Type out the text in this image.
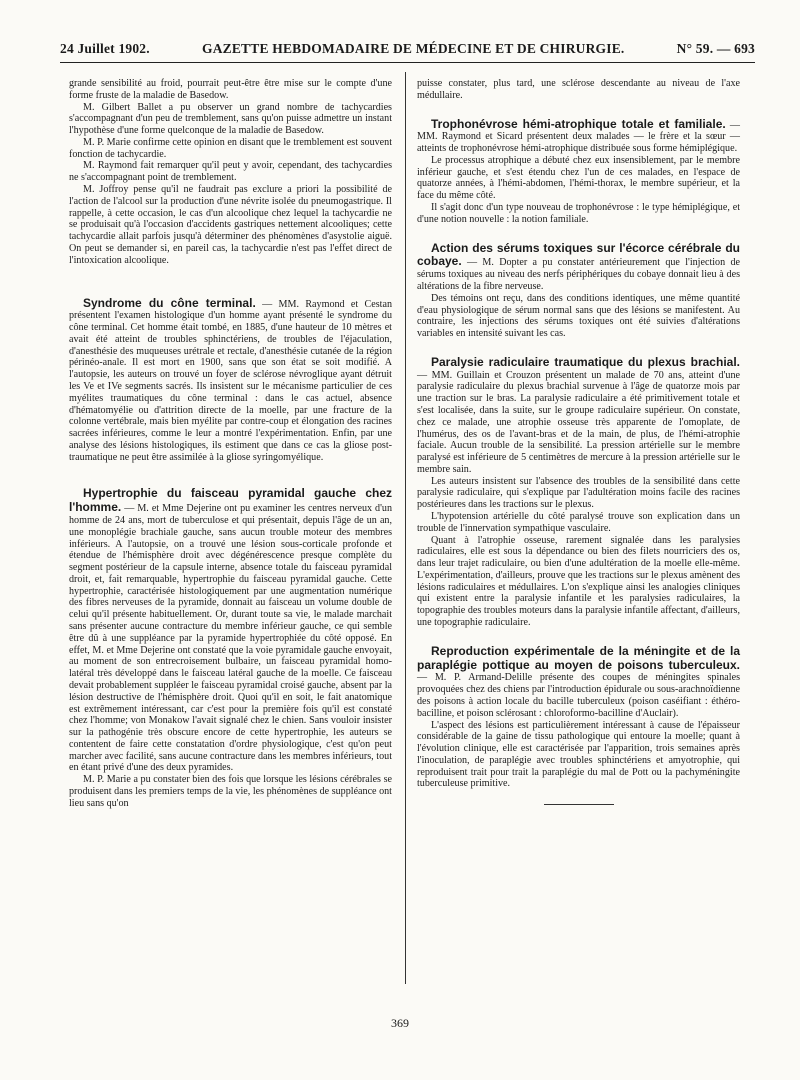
24 Juillet 1902.	GAZETTE HEBDOMADAIRE DE MÉDECINE ET DE CHIRURGIE.	N° 59. — 693

grande sensibilité au froid, pourrait peut-être être mise sur le compte d'une forme fruste de la maladie de Basedow.

M. Gilbert Ballet a pu observer un grand nombre de tachycardies s'accompagnant d'un peu de tremblement, sans qu'on puisse admettre un instant l'hypothèse d'une forme quelconque de la maladie de Basedow.

M. P. Marie confirme cette opinion en disant que le tremblement est souvent fonction de tachycardie.

M. Raymond fait remarquer qu'il peut y avoir, cependant, des tachycardies ne s'accompagnant point de tremblement.

M. Joffroy pense qu'il ne faudrait pas exclure a priori la possibilité de l'action de l'alcool sur la production d'une névrite isolée du pneumogastrique. Il rappelle, à cette occasion, le cas d'un alcoolique chez lequel la tachycardie ne se produisait qu'à l'occasion d'accidents gastriques nettement alcooliques; cette tachycardie allait parfois jusqu'à déterminer des phénomènes d'asystolie aiguë. On peut se demander si, en pareil cas, la tachycardie n'est pas l'effet direct de l'intoxication alcoolique.

Syndrome du cône terminal. — MM. Raymond et Cestan présentent l'examen histologique d'un homme ayant présenté le syndrome du cône terminal. Cet homme était tombé, en 1885, d'une hauteur de 10 mètres et avait été atteint de troubles sphinctériens, de troubles de l'éjaculation, d'anesthésie des muqueuses urétrale et rectale, d'anesthésie cutanée de la région périnéo-anale. Il est mort en 1900, sans que son état se soit modifié. A l'autopsie, les auteurs on trouvé un foyer de sclérose névroglique ayant détruit les Ve et IVe segments sacrés. Ils insistent sur le mécanisme particulier de ces myélites traumatiques du cône terminal : dans le cas actuel, absence d'hématomyélie ou d'attrition directe de la moelle, par une fracture de la colonne vertébrale, mais bien myélite par contre-coup et élongation des racines sacrées inférieures, comme le leur a montré l'expérimentation. Enfin, par une analyse des lésions histologiques, ils estiment que dans ce cas la gliose post-traumatique ne peut être assimilée à la gliose syringomyélique.

Hypertrophie du faisceau pyramidal gauche chez l'homme. — M. et Mme Dejerine ont pu examiner les centres nerveux d'un homme de 24 ans, mort de tuberculose et qui présentait, depuis l'âge de un an, une monoplégie brachiale gauche, sans aucun trouble moteur des membres inférieurs. A l'autopsie, on a trouvé une lésion sous-corticale profonde et étendue de l'hémisphère droit avec dégénérescence presque complète du segment postérieur de la capsule interne, absence totale du faisceau pyramidal droit, et, fait remarquable, hypertrophie du faisceau pyramidal gauche. Cette hypertrophie, caractérisée histologiquement par une augmentation numérique des fibres nerveuses de la pyramide, donnait au faisceau un volume double de celui qu'il présente habituellement. Or, durant toute sa vie, le malade marchait sans présenter aucune contracture du membre inférieur gauche, ce qui semble être dû à une suppléance par la pyramide hypertrophiée du côté opposé. En effet, M. et Mme Dejerine ont constaté que la voie pyramidale gauche envoyait, au moment de son entrecroisement bulbaire, un faisceau pyramidal homo-latéral très développé dans le faisceau latéral gauche de la moelle. Ce faisceau devait probablement suppléer le faisceau pyramidal croisé gauche, absent par la lésion destructive de l'hémisphère droit. Quoi qu'il en soit, le fait anatomique est extrêmement intéressant, car c'est pour la première fois qu'il est constaté chez l'homme; von Monakow l'avait signalé chez le chien. Sans vouloir insister sur la pathogénie très obscure encore de cette hypertrophie, les auteurs se contentent de faire cette constatation d'ordre physiologique, c'est qu'on peut marcher avec facilité, sans aucune contracture dans les membres inférieurs, tout en étant privé d'une des deux pyramides.

M. P. Marie a pu constater bien des fois que lorsque les lésions cérébrales se produisent dans les premiers temps de la vie, les phénomènes de suppléance ont lieu sans qu'on

puisse constater, plus tard, une sclérose descendante au niveau de l'axe médullaire.

Trophonévrose hémi-atrophique totale et familiale. — MM. Raymond et Sicard présentent deux malades — le frère et la sœur — atteints de trophonévrose hémi-atrophique distribuée sous forme hémiplégique.

Le processus atrophique a débuté chez eux insensiblement, par le membre inférieur gauche, et s'est étendu chez l'un de ces malades, en l'espace de quatorze années, à l'hémi-abdomen, l'hémi-thorax, le membre supérieur, et la face du même côté.

Il s'agit donc d'un type nouveau de trophonévrose : le type hémiplégique, et d'une notion nouvelle : la notion familiale.

Action des sérums toxiques sur l'écorce cérébrale du cobaye. — M. Dopter a pu constater antérieurement que l'injection de sérums toxiques au niveau des nerfs périphériques du cobaye donnait lieu à des altérations de la fibre nerveuse.

Des témoins ont reçu, dans des conditions identiques, une même quantité d'eau physiologique de sérum normal sans que des lésions se manifestent. Au contraire, les injections des sérums toxiques ont été suivies d'altérations variables en intensité suivant les cas.

Paralysie radiculaire traumatique du plexus brachial. — MM. Guillain et Crouzon présentent un malade de 70 ans, atteint d'une paralysie radiculaire du plexus brachial survenue à l'âge de quatorze mois par une traction sur le bras. La paralysie radiculaire a été primitivement totale et s'est localisée, dans la suite, sur le groupe radiculaire supérieur. On constate, chez ce malade, une atrophie osseuse très apparente de l'omoplate, de l'humérus, des os de l'avant-bras et de la main, de plus, de l'hémi-atrophie faciale. Aucun trouble de la sensibilité. La pression artérielle sur le membre paralysé est inférieure de 5 centimètres de mercure à la pression artérielle sur le membre sain.

Les auteurs insistent sur l'absence des troubles de la sensibilité dans cette paralysie radiculaire, qui s'explique par l'adultération moins facile des racines postérieures dans les tractions sur le plexus.

L'hypotension artérielle du côté paralysé trouve son explication dans un trouble de l'innervation sympathique vasculaire.

Quant à l'atrophie osseuse, rarement signalée dans les paralysies radiculaires, elle est sous la dépendance ou bien des filets nourriciers des os, dans leur trajet radiculaire, ou bien d'une adultération de la moelle elle-même. L'expérimentation, d'ailleurs, prouve que les tractions sur le plexus amènent des lésions radiculaires et médullaires. L'on s'explique ainsi les analogies cliniques qui existent entre la paralysie infantile et les paralysies radiculaires, la topographie des troubles moteurs dans la paralysie infantile affectant, d'ailleurs, une topographie radiculaire.

Reproduction expérimentale de la méningite et de la paraplégie pottique au moyen de poisons tuberculeux. — M. P. Armand-Delille présente des coupes de méningites spinales provoquées chez des chiens par l'introduction épidurale ou sous-arachnoïdienne des poisons à action locale du bacille tuberculeux (poison caséifiant : éthéro-bacilline, et poison sclérosant : chloroformo-bacilline d'Auclair).

L'aspect des lésions est particulièrement intéressant à cause de l'épaisseur considérable de la gaine de tissu pathologique qui entoure la moelle; quant à l'évolution clinique, elle est caractérisée par l'apparition, trois semaines après l'inoculation, de paraplégie avec troubles sphinctériens et amyotrophie, qui reproduisent trait pour trait la paraplégie du mal de Pott ou la pachyméningite tuberculeuse primitive.

369
